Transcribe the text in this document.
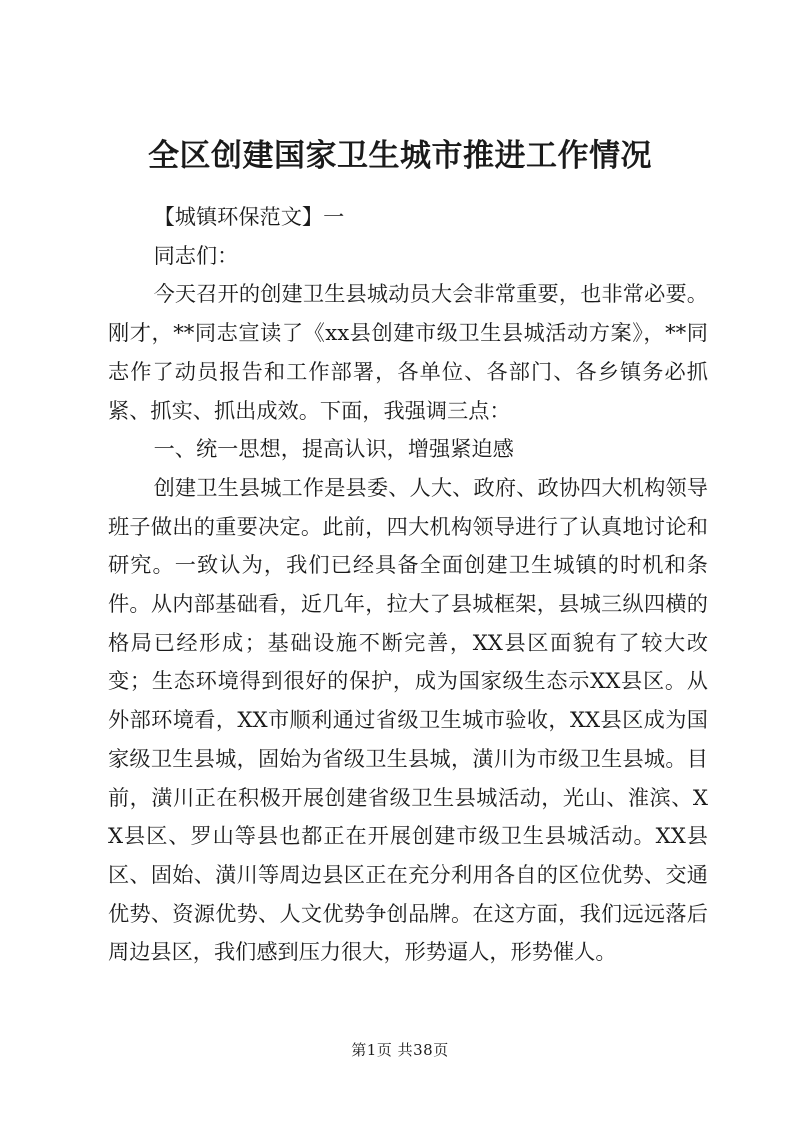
全区创建国家卫生城市推进工作情况

【城镇环保范文】一

同志们：

今天召开的创建卫生县城动员大会非常重要，也非常必要。刚才，**同志宣读了《xx县创建市级卫生县城活动方案》，**同志作了动员报告和工作部署，各单位、各部门、各乡镇务必抓紧、抓实、抓出成效。下面，我强调三点：

一、统一思想，提高认识，增强紧迫感

创建卫生县城工作是县委、人大、政府、政协四大机构领导班子做出的重要决定。此前，四大机构领导进行了认真地讨论和研究。一致认为，我们已经具备全面创建卫生城镇的时机和条件。从内部基础看，近几年，拉大了县城框架，县城三纵四横的格局已经形成；基础设施不断完善，XX县区面貌有了较大改变；生态环境得到很好的保护，成为国家级生态示XX县区。从外部环境看，XX市顺利通过省级卫生城市验收，XX县区成为国家级卫生县城，固始为省级卫生县城，潢川为市级卫生县城。目前，潢川正在积极开展创建省级卫生县城活动，光山、淮滨、XX县区、罗山等县也都正在开展创建市级卫生县城活动。XX县区、固始、潢川等周边县区正在充分利用各自的区位优势、交通优势、资源优势、人文优势争创品牌。在这方面，我们远远落后周边县区，我们感到压力很大，形势逼人，形势催人。

第1页 共38页
